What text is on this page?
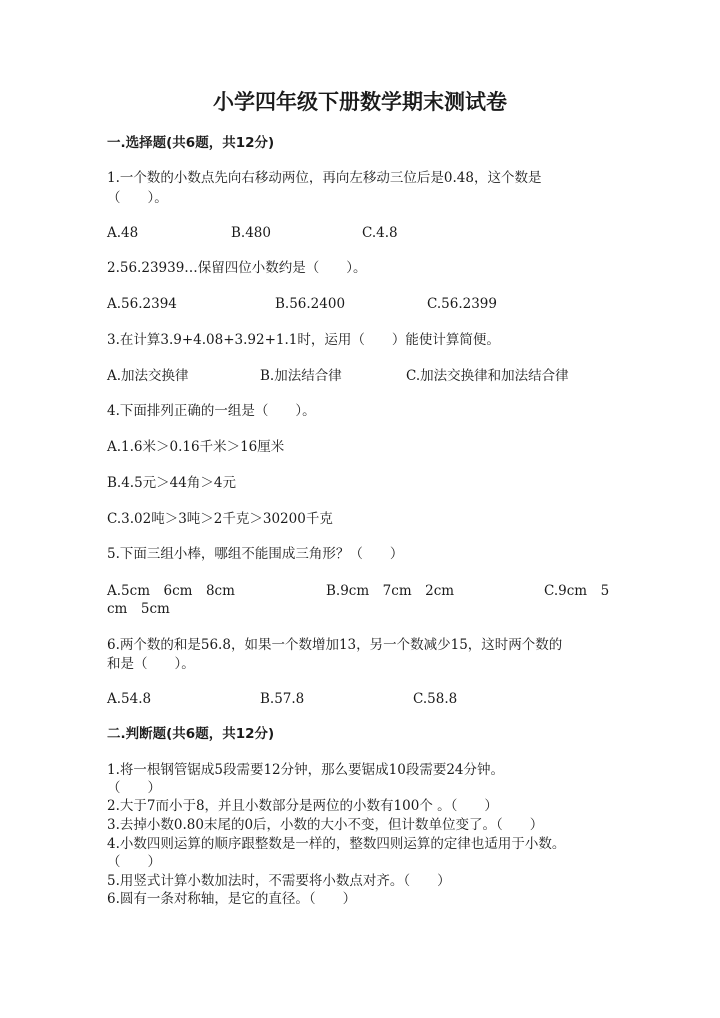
小学四年级下册数学期末测试卷
一.选择题(共6题，共12分)
1.一个数的小数点先向右移动两位，再向左移动三位后是0.48，这个数是
（　　）。
A.48	B.480	C.4.8
2.56.23939…保留四位小数约是（　　）。
A.56.2394	B.56.2400	C.56.2399
3.在计算3.9+4.08+3.92+1.1时，运用（　　）能使计算简便。
A.加法交换律	B.加法结合律	C.加法交换律和加法结合律
4.下面排列正确的一组是（　　）。
A.1.6米＞0.16千米＞16厘米
B.4.5元＞44角＞4元
C.3.02吨＞3吨＞2千克＞30200千克
5.下面三组小棒，哪组不能围成三角形？（　　）
A.5cm　6cm　8cm	B.9cm　7cm　2cm	C.9cm　5
cm　5cm
6.两个数的和是56.8，如果一个数增加13，另一个数减少15，这时两个数的
和是（　　）。
A.54.8	B.57.8	C.58.8
二.判断题(共6题，共12分)
1.将一根钢管锯成5段需要12分钟，那么要锯成10段需要24分钟。
（　　）
2.大于7而小于8，并且小数部分是两位的小数有100个 。（　　）
3.去掉小数0.80末尾的0后，小数的大小不变，但计数单位变了。（　　）
4.小数四则运算的顺序跟整数是一样的，整数四则运算的定律也适用于小数。
（　　）
5.用竖式计算小数加法时，不需要将小数点对齐。（　　）
6.圆有一条对称轴，是它的直径。（　　）
